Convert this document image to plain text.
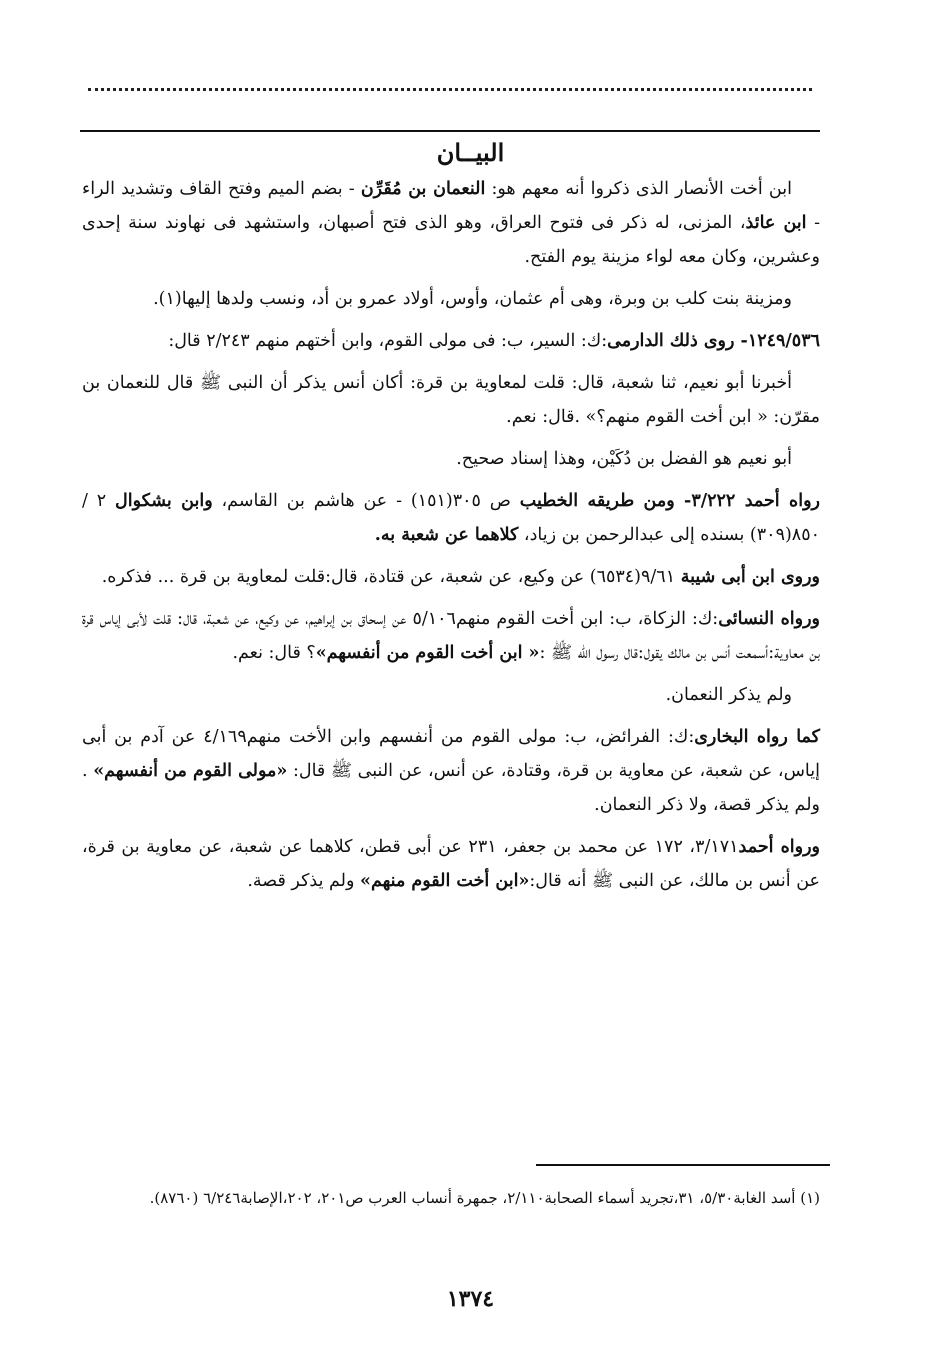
البيــان

ابن أخت الأنصار الذى ذكروا أنه معهم هو: النعمان بن مُقَرِّن - بضم الميم وفتح القاف وتشديد الراء - ابن عائذ، المزنى، له ذكر فى فتوح العراق، وهو الذى فتح أصبهان، واستشهد فى نهاوند سنة إحدى وعشرين، وكان معه لواء مزينة يوم الفتح.

ومزينة بنت كلب بن وبرة، وهى أم عثمان، وأوس، أولاد عمرو بن أد، ونسب ولدها إليها(١).

١٢٤٩/٥٣٦- روى ذلك الدارمى:ك: السير، ب: فى مولى القوم، وابن أختهم منهم ٢/٢٤٣ قال:

أخبرنا أبو نعيم، ثنا شعبة، قال: قلت لمعاوية بن قرة: أكان أنس يذكر أن النبى ﷺ قال للنعمان بن مقرّن: « ابن أخت القوم منهم؟» .قال: نعم.

أبو نعيم هو الفضل بن دُكَيْن، وهذا إسناد صحيح.

رواه أحمد ٣/٢٢٢- ومن طريقه الخطيب ص ٣٠٥(١٥١) - عن هاشم بن القاسم، وابن بشكوال ٢ / ٨٥٠(٣٠٩) بسنده إلى عبدالرحمن بن زياد، كلاهما عن شعبة به.

وروى ابن أبى شيبة ٩/٦١(٦٥٣٤) عن وكيع، عن شعبة، عن قتادة، قال:قلت لمعاوية بن قرة ... فذكره.

ورواه النسائى:ك: الزكاة، ب: ابن أخت القوم منهم٥/١٠٦ عن إسحاق بن إبراهيم، عن وكيع، عن شعبة، قال: قلت لأبى إياس قرة بن معاوية:أسمعت أنس بن مالك يقول:قال رسول الله ﷺ :« ابن أخت القوم من أنفسهم»؟ قال: نعم.

ولم يذكر النعمان.

كما رواه البخارى:ك: الفرائض، ب: مولى القوم من أنفسهم وابن الأخت منهم٤/١٦٩ عن آدم بن أبى إياس، عن شعبة، عن معاوية بن قرة، وقتادة، عن أنس، عن النبى ﷺ قال: «مولى القوم من أنفسهم» . ولم يذكر قصة، ولا ذكر النعمان.

ورواه أحمد٣/١٧١، ١٧٢ عن محمد بن جعفر، ٢٣١ عن أبى قطن، كلاهما عن شعبة، عن معاوية بن قرة، عن أنس بن مالك، عن النبى ﷺ أنه قال:«ابن أخت القوم منهم» ولم يذكر قصة.

(١) أسد الغابة٥/٣٠، ٣١،تجريد أسماء الصحابة٢/١١٠، جمهرة أنساب العرب ص٢٠١، ٢٠٢،الإصابة٦/٢٤٦ (٨٧٦٠).
١٣٧٤
